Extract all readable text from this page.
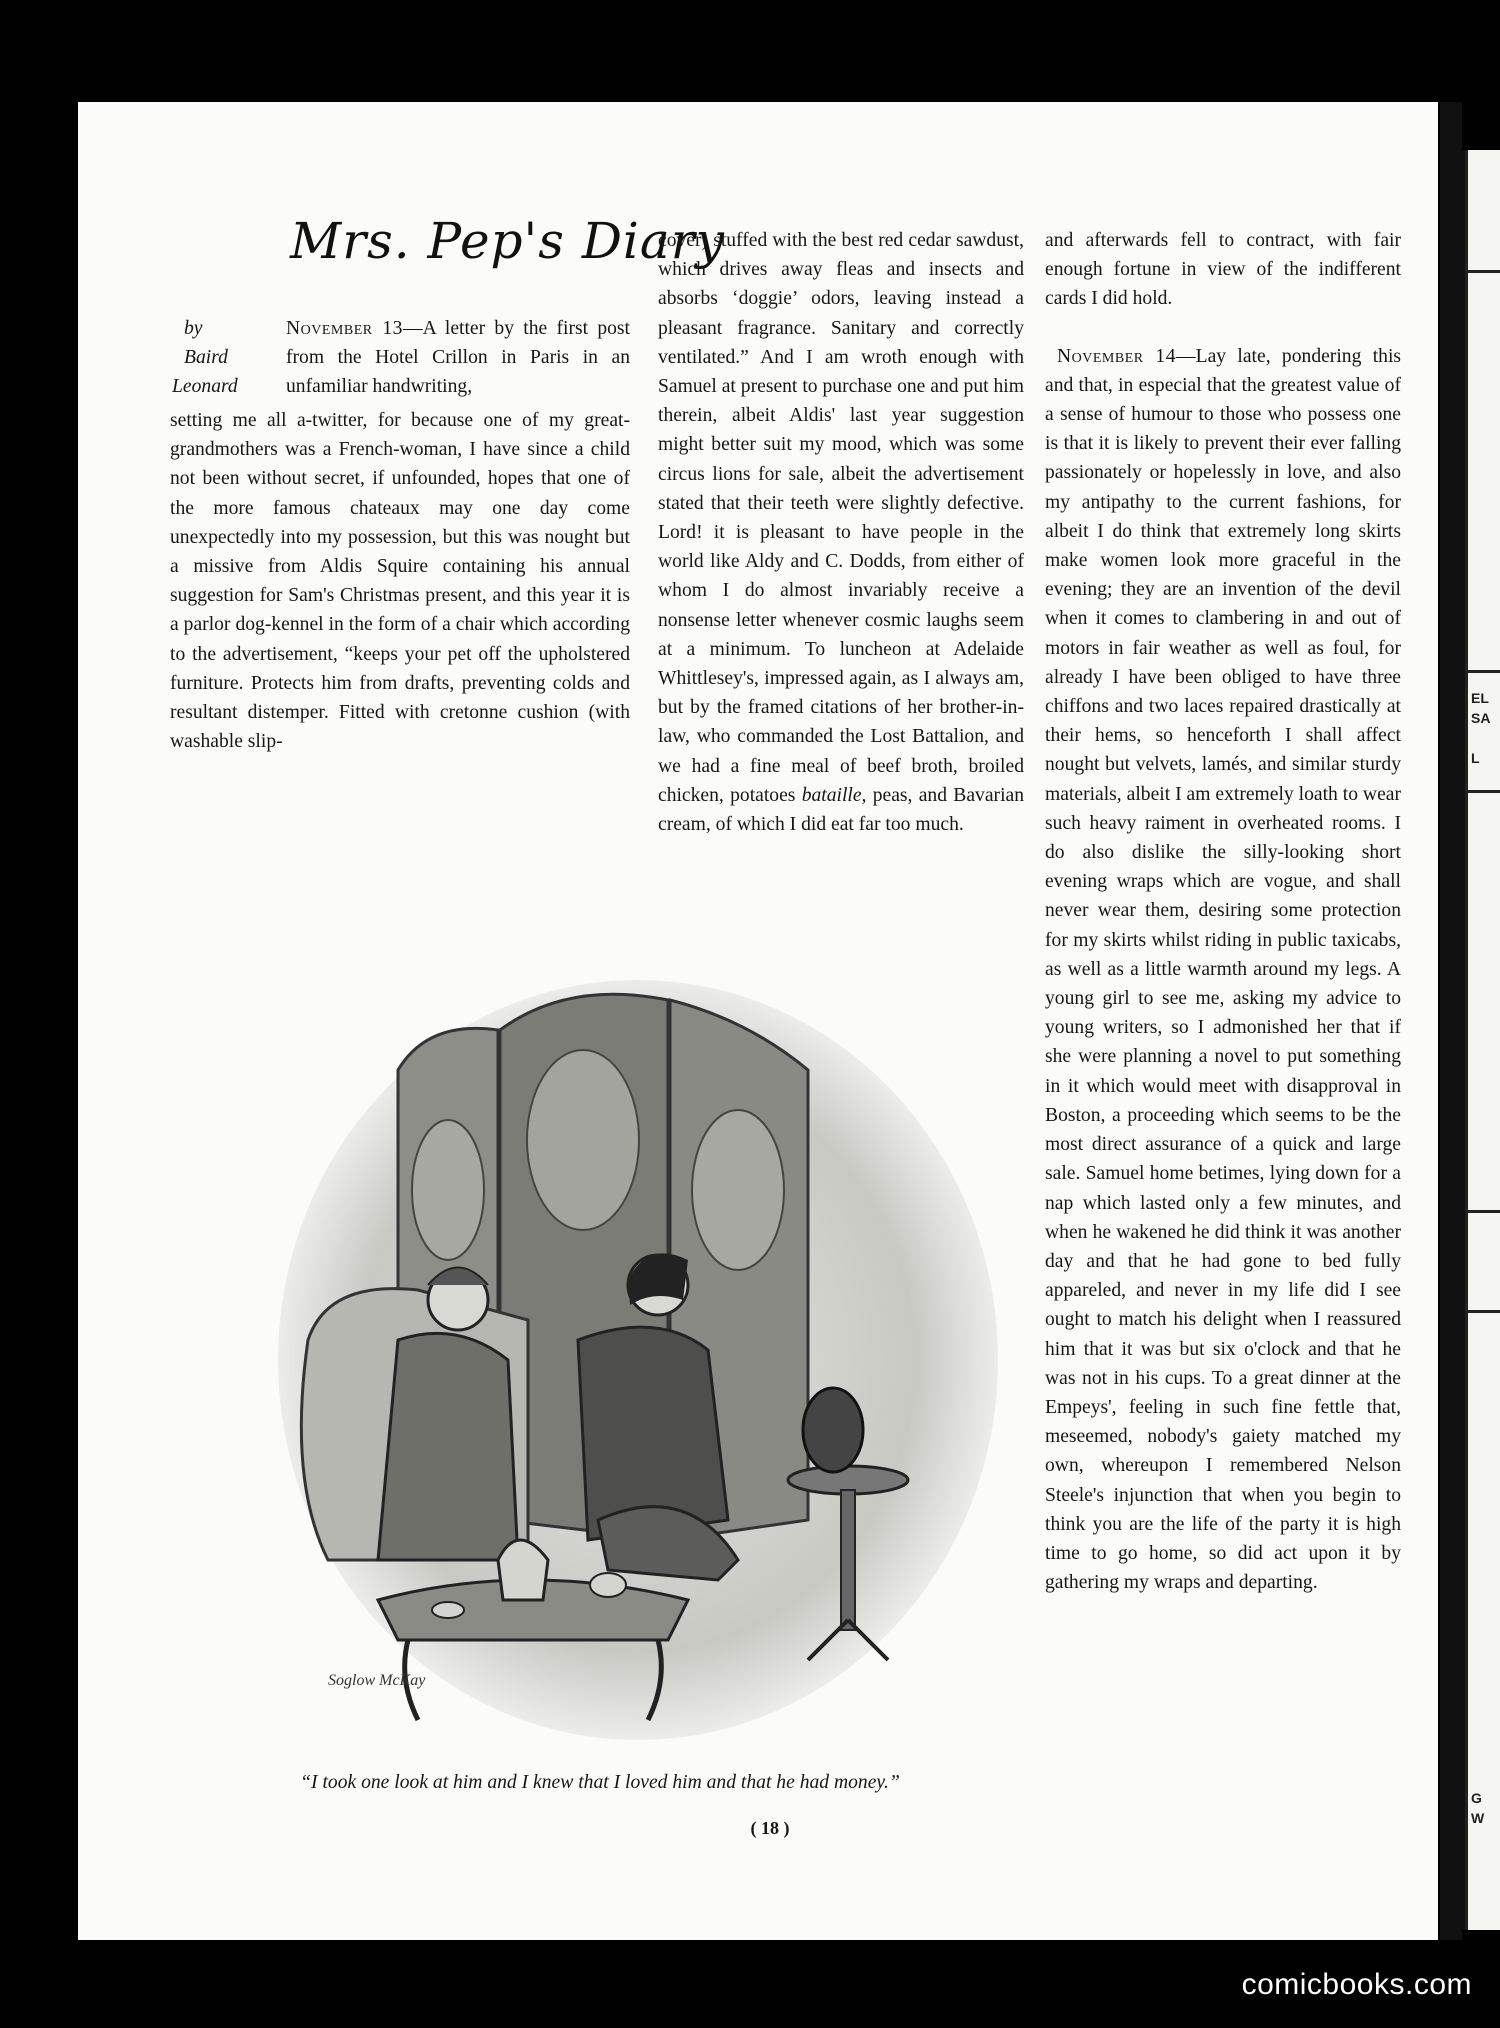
EL
SA
L
G
W
Mrs. Pep's Diary
by
Baird
Leonard

November 13—A letter by the first post from the Hotel Crillon in Paris in an unfamiliar handwriting,

setting me all a-twitter, for because one of my great-grandmothers was a French-woman, I have since a child not been without secret, if unfounded, hopes that one of the more famous chateaux may one day come unexpectedly into my possession, but this was nought but a missive from Aldis Squire containing his annual suggestion for Sam's Christmas present, and this year it is a parlor dog-kennel in the form of a chair which according to the advertisement, “keeps your pet off the upholstered furniture. Protects him from drafts, preventing colds and resultant distemper. Fitted with cretonne cushion (with washable slip-

cover) stuffed with the best red cedar sawdust, which drives away fleas and insects and absorbs ‘doggie’ odors, leaving instead a pleasant fragrance. Sanitary and correctly ventilated.” And I am wroth enough with Samuel at present to purchase one and put him therein, albeit Aldis' last year suggestion might better suit my mood, which was some circus lions for sale, albeit the advertisement stated that their teeth were slightly defective. Lord! it is pleasant to have people in the world like Aldy and C. Dodds, from either of whom I do almost invariably receive a nonsense letter whenever cosmic laughs seem at a minimum. To luncheon at Adelaide Whittlesey's, impressed again, as I always am, but by the framed citations of her brother-in-law, who commanded the Lost Battalion, and we had a fine meal of beef broth, broiled chicken, potatoes bataille, peas, and Bavarian cream, of which I did eat far too much.

and afterwards fell to contract, with fair enough fortune in view of the indifferent cards I did hold.

November 14—Lay late, pondering this and that, in especial that the greatest value of a sense of humour to those who possess one is that it is likely to prevent their ever falling passionately or hopelessly in love, and also my antipathy to the current fashions, for albeit I do think that extremely long skirts make women look more graceful in the evening; they are an invention of the devil when it comes to clambering in and out of motors in fair weather as well as foul, for already I have been obliged to have three chiffons and two laces repaired drastically at their hems, so henceforth I shall affect nought but velvets, lamés, and similar sturdy materials, albeit I am extremely loath to wear such heavy raiment in overheated rooms. I do also dislike the silly-looking short evening wraps which are vogue, and shall never wear them, desiring some protection for my skirts whilst riding in public taxicabs, as well as a little warmth around my legs. A young girl to see me, asking my advice to young writers, so I admonished her that if she were planning a novel to put something in it which would meet with disapproval in Boston, a proceeding which seems to be the most direct assurance of a quick and large sale. Samuel home betimes, lying down for a nap which lasted only a few minutes, and when he wakened he did think it was another day and that he had gone to bed fully appareled, and never in my life did I see ought to match his delight when I reassured him that it was but six o'clock and that he was not in his cups. To a great dinner at the Empeys', feeling in such fine fettle that, meseemed, nobody's gaiety matched my own, whereupon I remembered Nelson Steele's injunction that when you begin to think you are the life of the party it is high time to go home, so did act upon it by gathering my wraps and departing.

Soglow McKay
“I took one look at him and I knew that I loved him and that he had money.”
( 18 )
comicbooks.com
